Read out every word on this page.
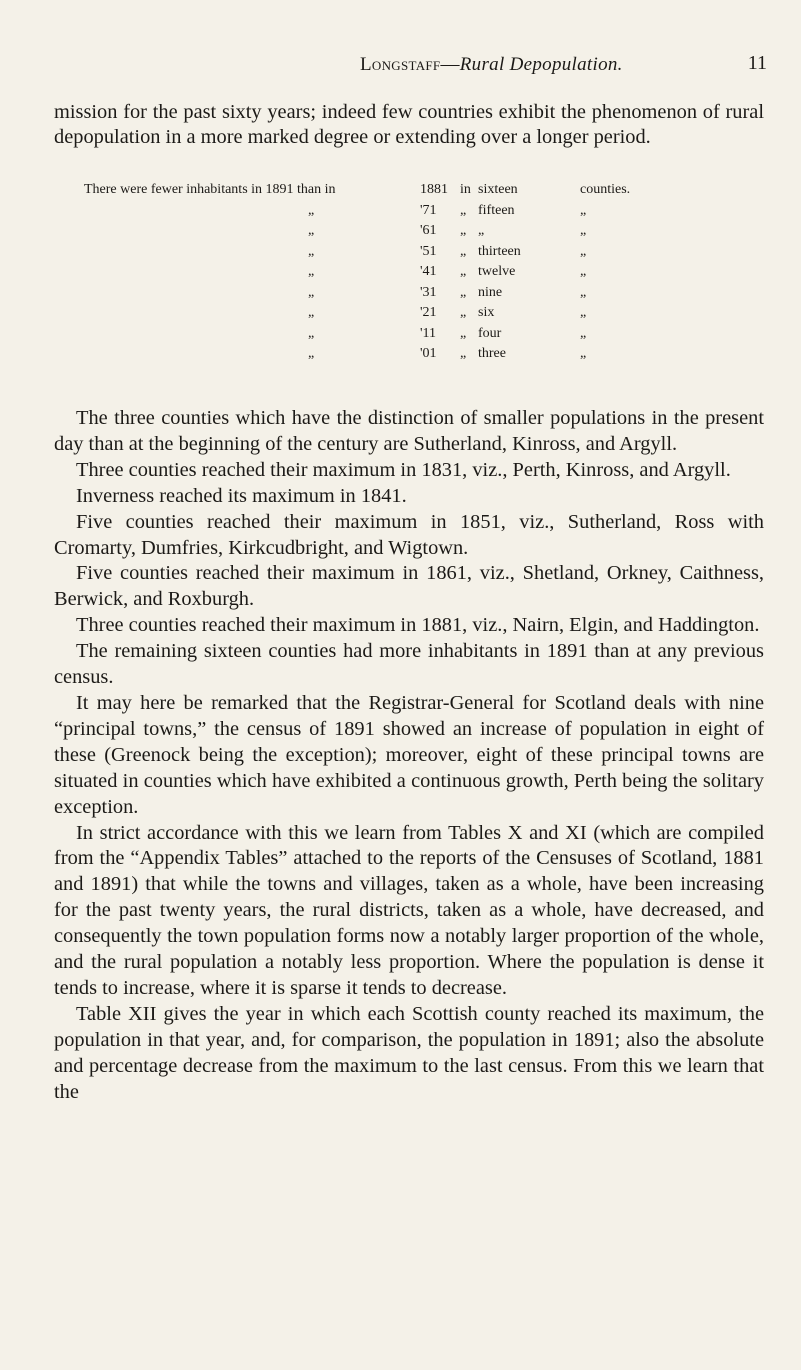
Longstaff—Rural Depopulation.	11

mission for the past sixty years; indeed few countries exhibit the phenomenon of rural depopulation in a more marked degree or extending over a longer period.

There were fewer inhabitants in 1891 than in	1881 in sixteen	counties.
„	'71 „ fifteen	„
„	'61 „ „	„
„	'51 „ thirteen	„
„	'41 „ twelve	„
„	'31 „ nine	„
„	'21 „ six	„
„	'11 „ four	„
„	'01 „ three	„

The three counties which have the distinction of smaller populations in the present day than at the beginning of the century are Sutherland, Kinross, and Argyll.

Three counties reached their maximum in 1831, viz., Perth, Kinross, and Argyll.

Inverness reached its maximum in 1841.

Five counties reached their maximum in 1851, viz., Sutherland, Ross with Cromarty, Dumfries, Kirkcudbright, and Wigtown.

Five counties reached their maximum in 1861, viz., Shetland, Orkney, Caithness, Berwick, and Roxburgh.

Three counties reached their maximum in 1881, viz., Nairn, Elgin, and Haddington.

The remaining sixteen counties had more inhabitants in 1891 than at any previous census.

It may here be remarked that the Registrar-General for Scotland deals with nine “principal towns,” the census of 1891 showed an increase of population in eight of these (Greenock being the exception); moreover, eight of these principal towns are situated in counties which have exhibited a continuous growth, Perth being the solitary exception.

In strict accordance with this we learn from Tables X and XI (which are compiled from the “Appendix Tables” attached to the reports of the Censuses of Scotland, 1881 and 1891) that while the towns and villages, taken as a whole, have been increasing for the past twenty years, the rural districts, taken as a whole, have decreased, and consequently the town population forms now a notably larger proportion of the whole, and the rural population a notably less proportion. Where the population is dense it tends to increase, where it is sparse it tends to decrease.

Table XII gives the year in which each Scottish county reached its maximum, the population in that year, and, for comparison, the population in 1891; also the absolute and percentage decrease from the maximum to the last census. From this we learn that the
